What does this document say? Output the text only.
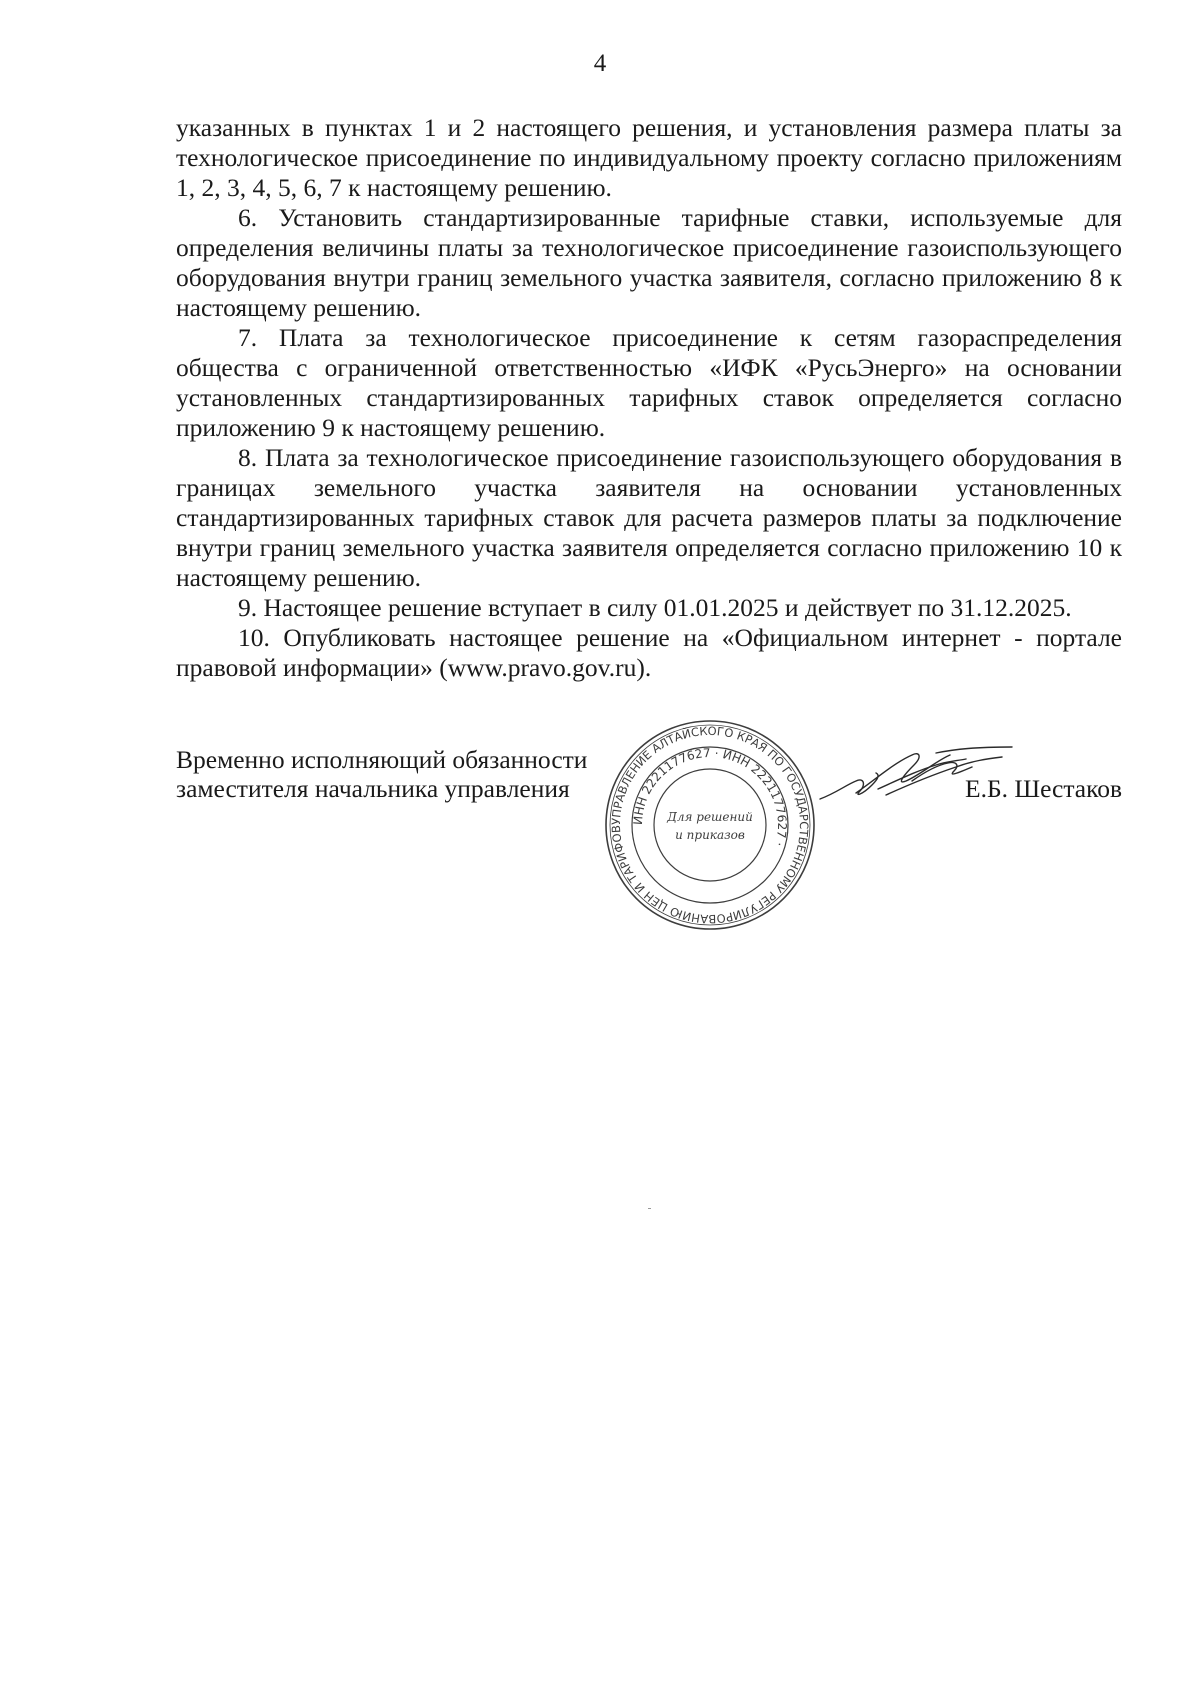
4

указанных в пунктах 1 и 2 настоящего решения, и установления размера платы за технологическое присоединение по индивидуальному проекту согласно приложениям 1, 2, 3, 4, 5, 6, 7 к настоящему решению.

6. Установить стандартизированные тарифные ставки, используемые для определения величины платы за технологическое присоединение газоиспользующего оборудования внутри границ земельного участка заявителя, согласно приложению 8 к настоящему решению.

7. Плата за технологическое присоединение к сетям газораспределения общества с ограниченной ответственностью «ИФК «РусьЭнерго» на основании установленных стандартизированных тарифных ставок определяется согласно приложению 9 к настоящему решению.

8. Плата за технологическое присоединение газоиспользующего оборудования в границах земельного участка заявителя на основании установленных стандартизированных тарифных ставок для расчета размеров платы за подключение внутри границ земельного участка заявителя определяется согласно приложению 10 к настоящему решению.

9. Настоящее решение вступает в силу 01.01.2025 и действует по 31.12.2025.

10. Опубликовать настоящее решение на «Официальном интернет - портале правовой информации» (www.pravo.gov.ru).

Временно исполняющий обязанности
заместителя начальника управления
УПРАВЛЕНИЕ АЛТАЙСКОГО КРАЯ ПО ГОСУДАРСТВЕННОМУ РЕГУЛИРОВАНИЮ ЦЕН И ТАРИФОВ
ИНН 2221177627 · ИНН 2221177627 ·
Для решений
и приказов
Е.Б. Шестаков
